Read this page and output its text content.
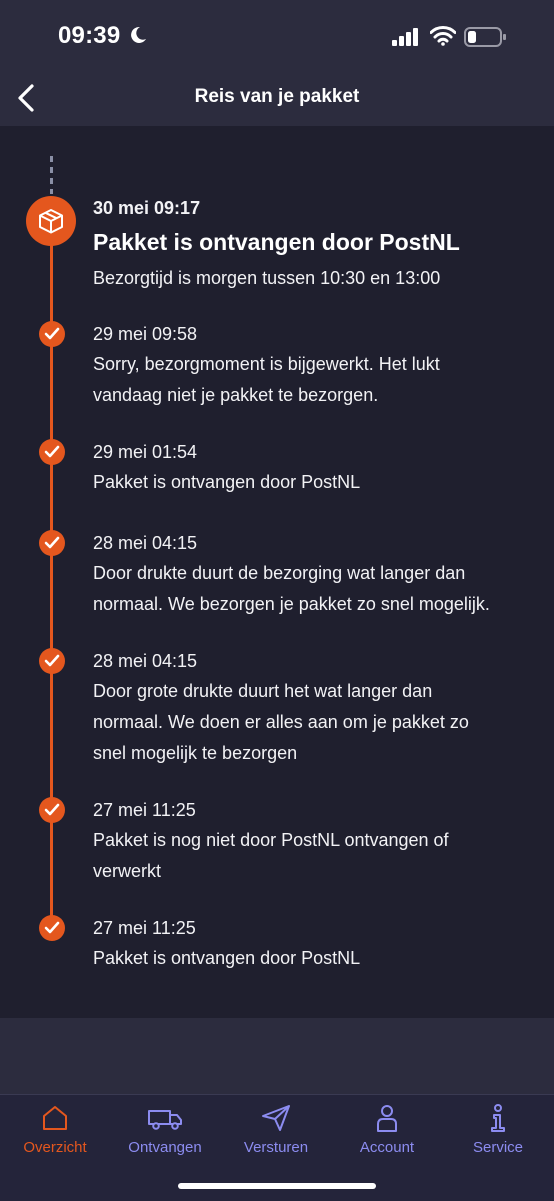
09:39
Reis van je pakket
30 mei 09:17
Pakket is ontvangen door PostNL
Bezorgtijd is morgen tussen 10:30 en 13:00
29 mei 09:58
Sorry, bezorgmoment is bijgewerkt. Het lukt
vandaag niet je pakket te bezorgen.
29 mei 01:54
Pakket is ontvangen door PostNL
28 mei 04:15
Door drukte duurt de bezorging wat langer dan
normaal. We bezorgen je pakket zo snel mogelijk.
28 mei 04:15
Door grote drukte duurt het wat langer dan
normaal. We doen er alles aan om je pakket zo
snel mogelijk te bezorgen
27 mei 11:25
Pakket is nog niet door PostNL ontvangen of
verwerkt
27 mei 11:25
Pakket is ontvangen door PostNL
Overzicht	Ontvangen	Versturen	Account	Service
